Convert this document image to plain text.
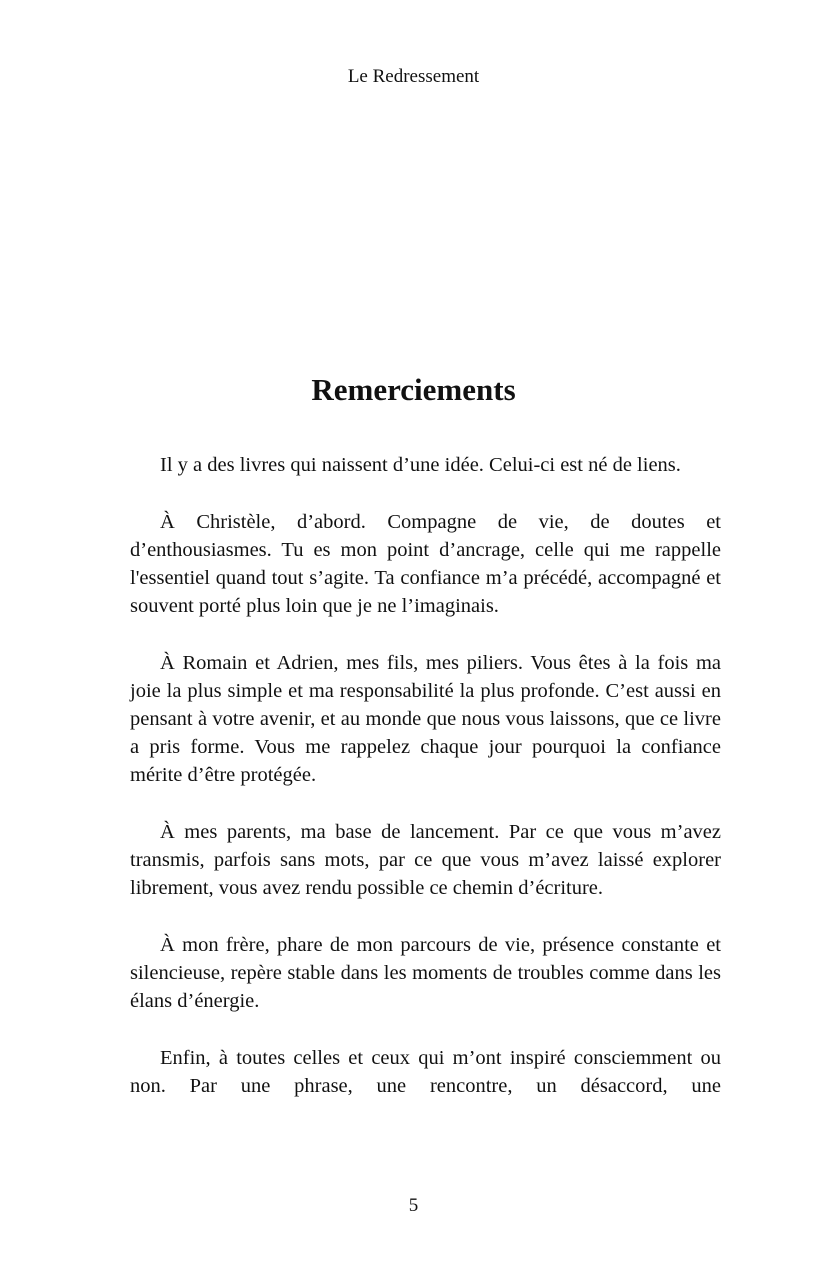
Le Redressement
Remerciements

Il y a des livres qui naissent d’une idée. Celui-ci est né de liens.

À Christèle, d’abord. Compagne de vie, de doutes et d’enthousiasmes. Tu es mon point d’ancrage, celle qui me rappelle l'essentiel quand tout s’agite. Ta confiance m’a précédé, accompagné et souvent porté plus loin que je ne l’imaginais.

À Romain et Adrien, mes fils, mes piliers. Vous êtes à la fois ma joie la plus simple et ma responsabilité la plus profonde. C’est aussi en pensant à votre avenir, et au monde que nous vous laissons, que ce livre a pris forme. Vous me rappelez chaque jour pourquoi la confiance mérite d’être protégée.

À mes parents, ma base de lancement. Par ce que vous m’avez transmis, parfois sans mots, par ce que vous m’avez laissé explorer librement, vous avez rendu possible ce chemin d’écriture.

À mon frère, phare de mon parcours de vie, présence constante et silencieuse, repère stable dans les moments de troubles comme dans les élans d’énergie.

Enfin, à toutes celles et ceux qui m’ont inspiré consciemment ou non. Par une phrase, une rencontre, un désaccord, une

5
